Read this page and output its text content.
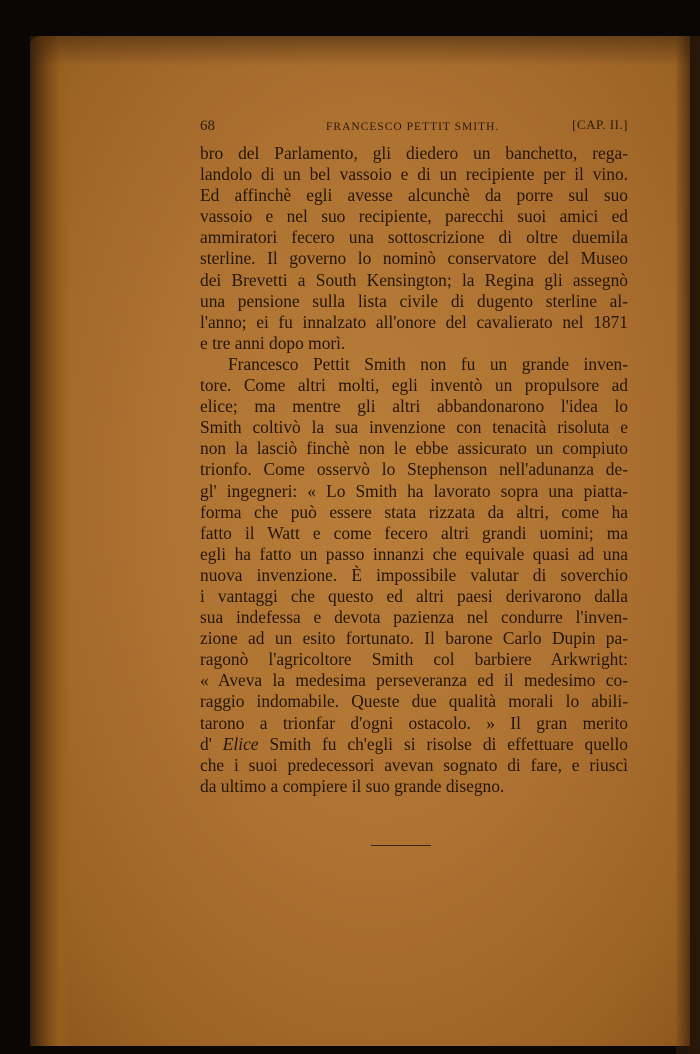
68	FRANCESCO PETTIT SMITH.	[CAP. II.]
bro del Parlamento, gli diedero un banchetto, rega-
landolo di un bel vassoio e di un recipiente per il vino.
Ed affinchè egli avesse alcunchè da porre sul suo
vassoio e nel suo recipiente, parecchi suoi amici ed
ammiratori fecero una sottoscrizione di oltre duemila
sterline. Il governo lo nominò conservatore del Museo
dei Brevetti a South Kensington; la Regina gli assegnò
una pensione sulla lista civile di dugento sterline al-
l'anno; ei fu innalzato all'onore del cavalierato nel 1871
e tre anni dopo morì.
Francesco Pettit Smith non fu un grande inven-
tore. Come altri molti, egli inventò un propulsore ad
elice; ma mentre gli altri abbandonarono l'idea lo
Smith coltivò la sua invenzione con tenacità risoluta e
non la lasciò finchè non le ebbe assicurato un compiuto
trionfo. Come osservò lo Stephenson nell'adunanza de-
gl' ingegneri: « Lo Smith ha lavorato sopra una piatta-
forma che può essere stata rizzata da altri, come ha
fatto il Watt e come fecero altri grandi uomini; ma
egli ha fatto un passo innanzi che equivale quasi ad una
nuova invenzione. È impossibile valutar di soverchio
i vantaggi che questo ed altri paesi derivarono dalla
sua indefessa e devota pazienza nel condurre l'inven-
zione ad un esito fortunato. Il barone Carlo Dupin pa-
ragonò l'agricoltore Smith col barbiere Arkwright:
« Aveva la medesima perseveranza ed il medesimo co-
raggio indomabile. Queste due qualità morali lo abili-
tarono a trionfar d'ogni ostacolo. » Il gran merito
d' Elice Smith fu ch'egli si risolse di effettuare quello
che i suoi predecessori avevan sognato di fare, e riuscì
da ultimo a compiere il suo grande disegno.
